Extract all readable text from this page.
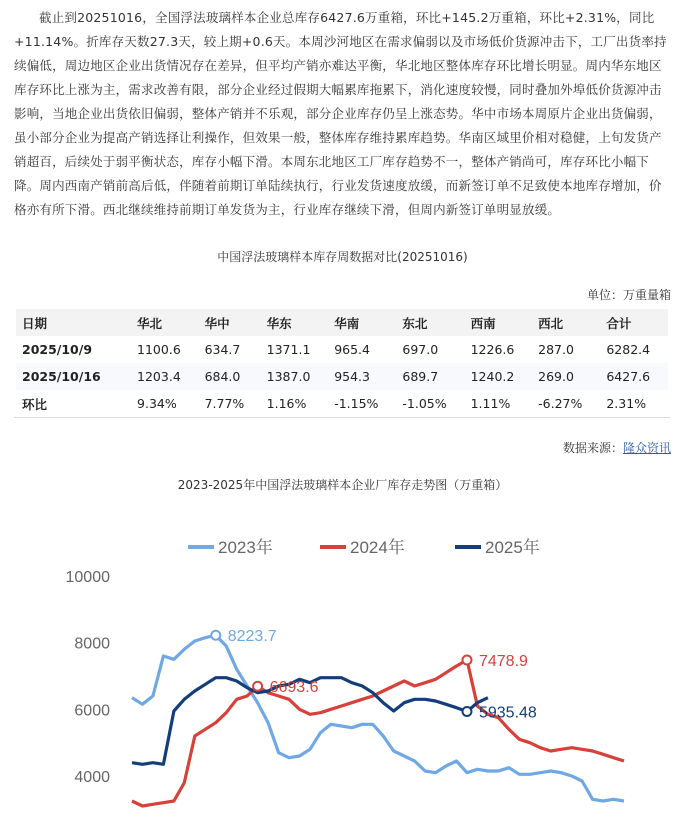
截止到20251016，全国浮法玻璃样本企业总库存6427.6万重箱，环比+145.2万重箱，环比+2.31%，同比+11.14%。折库存天数27.3天，较上期+0.6天。本周沙河地区在需求偏弱以及市场低价货源冲击下，工厂出货率持续偏低，周边地区企业出货情况存在差异，但平均产销亦难达平衡，华北地区整体库存环比增长明显。周内华东地区库存环比上涨为主，需求改善有限，部分企业经过假期大幅累库拖累下，消化速度较慢，同时叠加外埠低价货源冲击影响，当地企业出货依旧偏弱，整体产销并不乐观，部分企业库存仍呈上涨态势。华中市场本周原片企业出货偏弱，虽小部分企业为提高产销选择让利操作，但效果一般，整体库存维持累库趋势。华南区域里价相对稳健，上旬发货产销超百，后续处于弱平衡状态，库存小幅下滑。本周东北地区工厂库存趋势不一，整体产销尚可，库存环比小幅下降。周内西南产销前高后低，伴随着前期订单陆续执行，行业发货速度放缓，而新签订单不足致使本地库存增加，价格亦有所下滑。西北继续维持前期订单发货为主，行业库存继续下滑，但周内新签订单明显放缓。
中国浮法玻璃样本库存周数据对比(20251016)
单位：万重量箱
日期	华北	华中	华东	华南	东北	西南	西北	合计
2025/10/9	1100.6	634.7	1371.1	965.4	697.0	1226.6	287.0	6282.4
2025/10/16	1203.4	684.0	1387.0	954.3	689.7	1240.2	269.0	6427.6
环比	9.34%	7.77%	1.16%	-1.15%	-1.05%	1.11%	-6.27%	2.31%
数据来源：隆众资讯
2023-2025年中国浮法玻璃样本企业厂库存走势图（万重箱）
10000
8000
6000
4000
2023年	2024年	2025年
8223.7
6693.6
7478.9
5935.48
